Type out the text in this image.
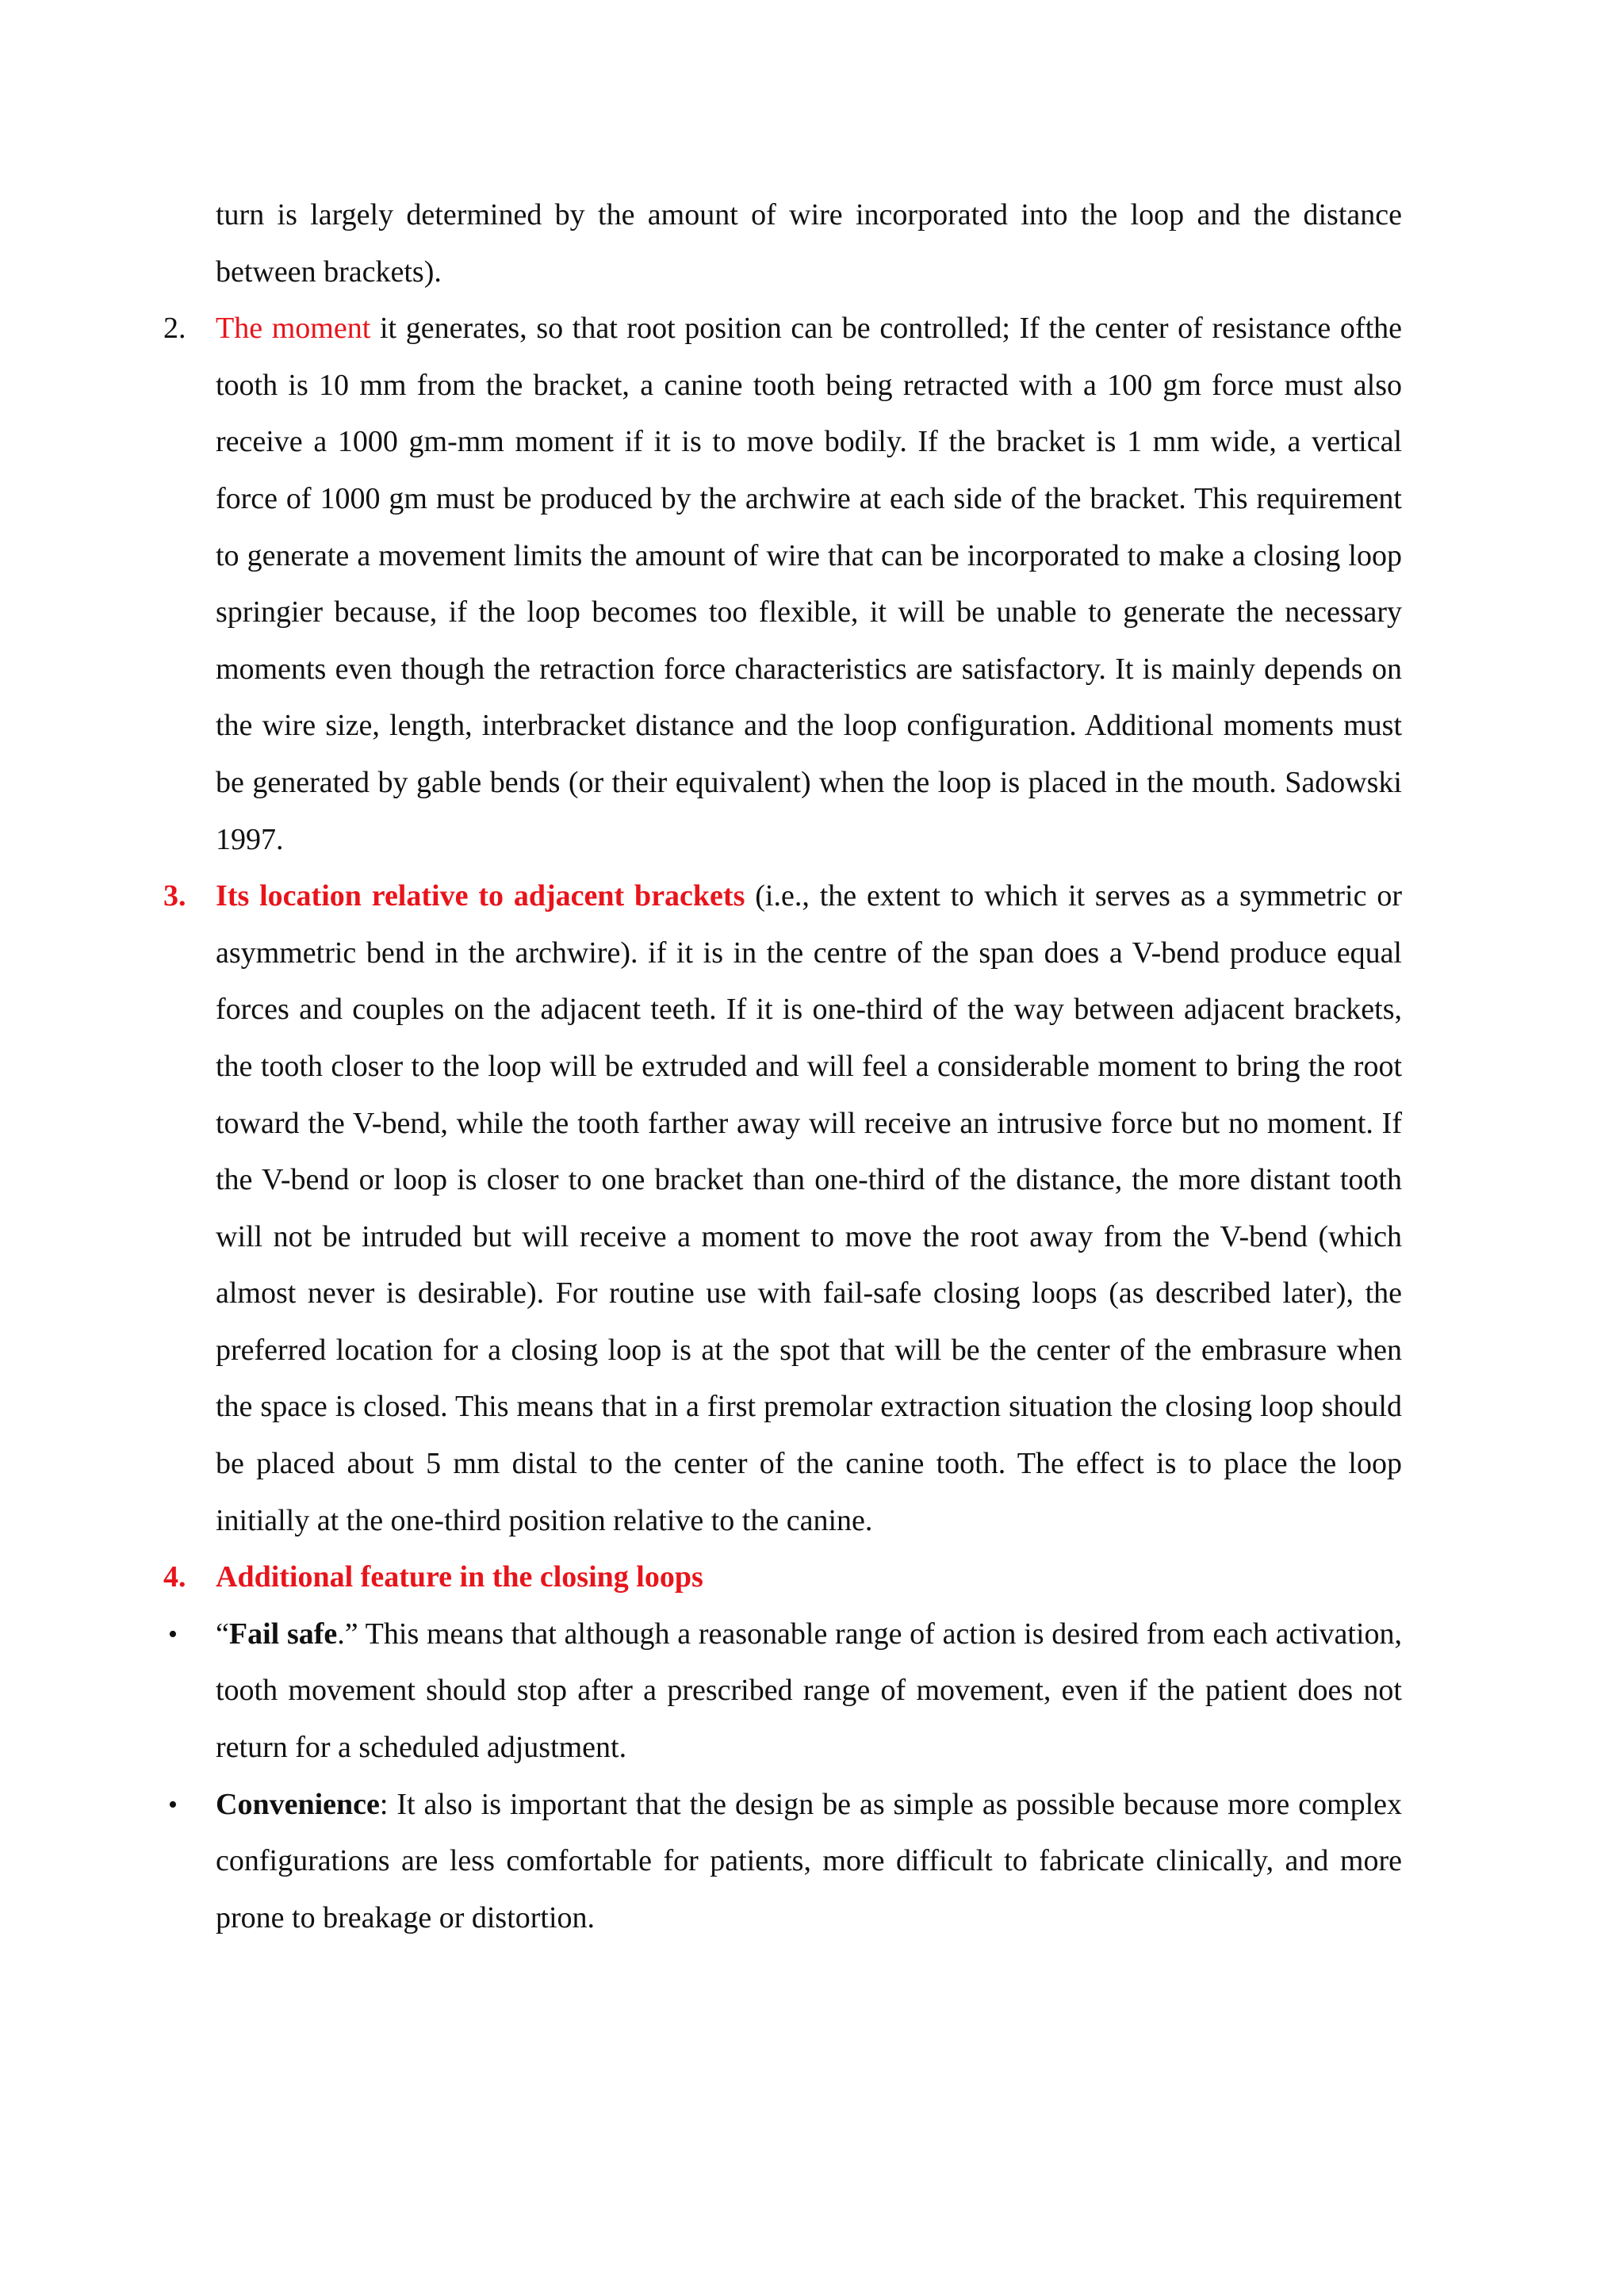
turn is largely determined by the amount of wire incorporated into the loop and the distance between brackets).

2. The moment it generates, so that root position can be controlled; If the center of resistance ofthe tooth is 10 mm from the bracket, a canine tooth being retracted with a 100 gm force must also receive a 1000 gm-mm moment if it is to move bodily. If the bracket is 1 mm wide, a vertical force of 1000 gm must be produced by the archwire at each side of the bracket. This requirement to generate a movement limits the amount of wire that can be incorporated to make a closing loop springier because, if the loop becomes too flexible, it will be unable to generate the necessary moments even though the retraction force characteristics are satisfactory. It is mainly depends on the wire size, length, interbracket distance and the loop configuration. Additional moments must be generated by gable bends (or their equivalent) when the loop is placed in the mouth. Sadowski 1997.

3. Its location relative to adjacent brackets (i.e., the extent to which it serves as a symmetric or asymmetric bend in the archwire). if it is in the centre of the span does a V-bend produce equal forces and couples on the adjacent teeth. If it is one-third of the way between adjacent brackets, the tooth closer to the loop will be extruded and will feel a considerable moment to bring the root toward the V-bend, while the tooth farther away will receive an intrusive force but no moment. If the V-bend or loop is closer to one bracket than one-third of the distance, the more distant tooth will not be intruded but will receive a moment to move the root away from the V-bend (which almost never is desirable). For routine use with fail-safe closing loops (as described later), the preferred location for a closing loop is at the spot that will be the center of the embrasure when the space is closed. This means that in a first premolar extraction situation the closing loop should be placed about 5 mm distal to the center of the canine tooth. The effect is to place the loop initially at the one-third position relative to the canine.

4. Additional feature in the closing loops

• “Fail safe.” This means that although a reasonable range of action is desired from each activation, tooth movement should stop after a prescribed range of movement, even if the patient does not return for a scheduled adjustment.

• Convenience: It also is important that the design be as simple as possible because more complex configurations are less comfortable for patients, more difficult to fabricate clinically, and more prone to breakage or distortion.
